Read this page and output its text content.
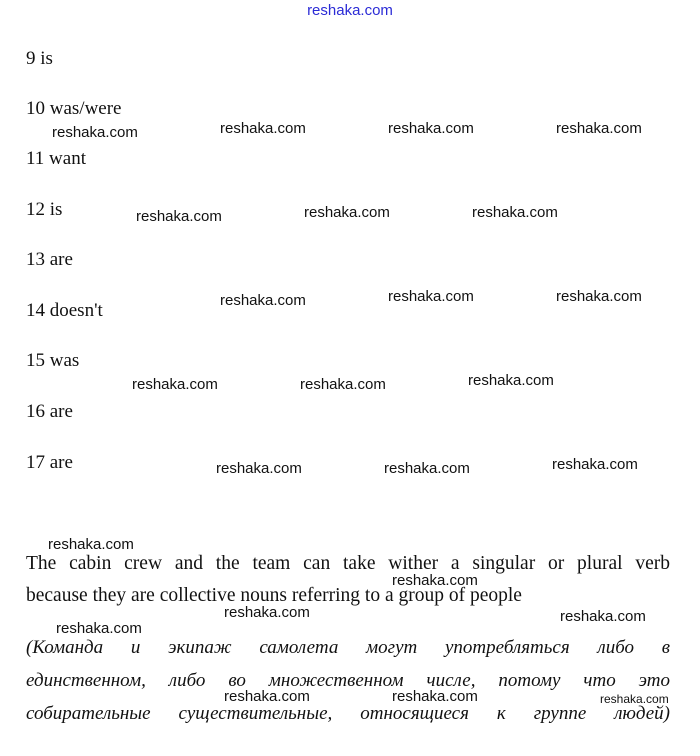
reshaka.com
9 is
10 was/were
11 want
12 is
13 are
14 doesn't
15 was
16 are
17 are
The cabin crew and the team can take wither a singular or plural verb
because they are collective nouns referring to a group of people
(Команда и экипаж самолета могут употребляться либо в
единственном, либо во множественном числе, потому что это
собирательные существительные, относящиеся к группе людей)
reshaka.com	reshaka.com	reshaka.com	reshaka.com
reshaka.com	reshaka.com	reshaka.com
reshaka.com	reshaka.com	reshaka.com
reshaka.com	reshaka.com	reshaka.com
reshaka.com	reshaka.com	reshaka.com
reshaka.com
reshaka.com
reshaka.com	reshaka.com
reshaka.com
reshaka.com	reshaka.com	reshaka.com
